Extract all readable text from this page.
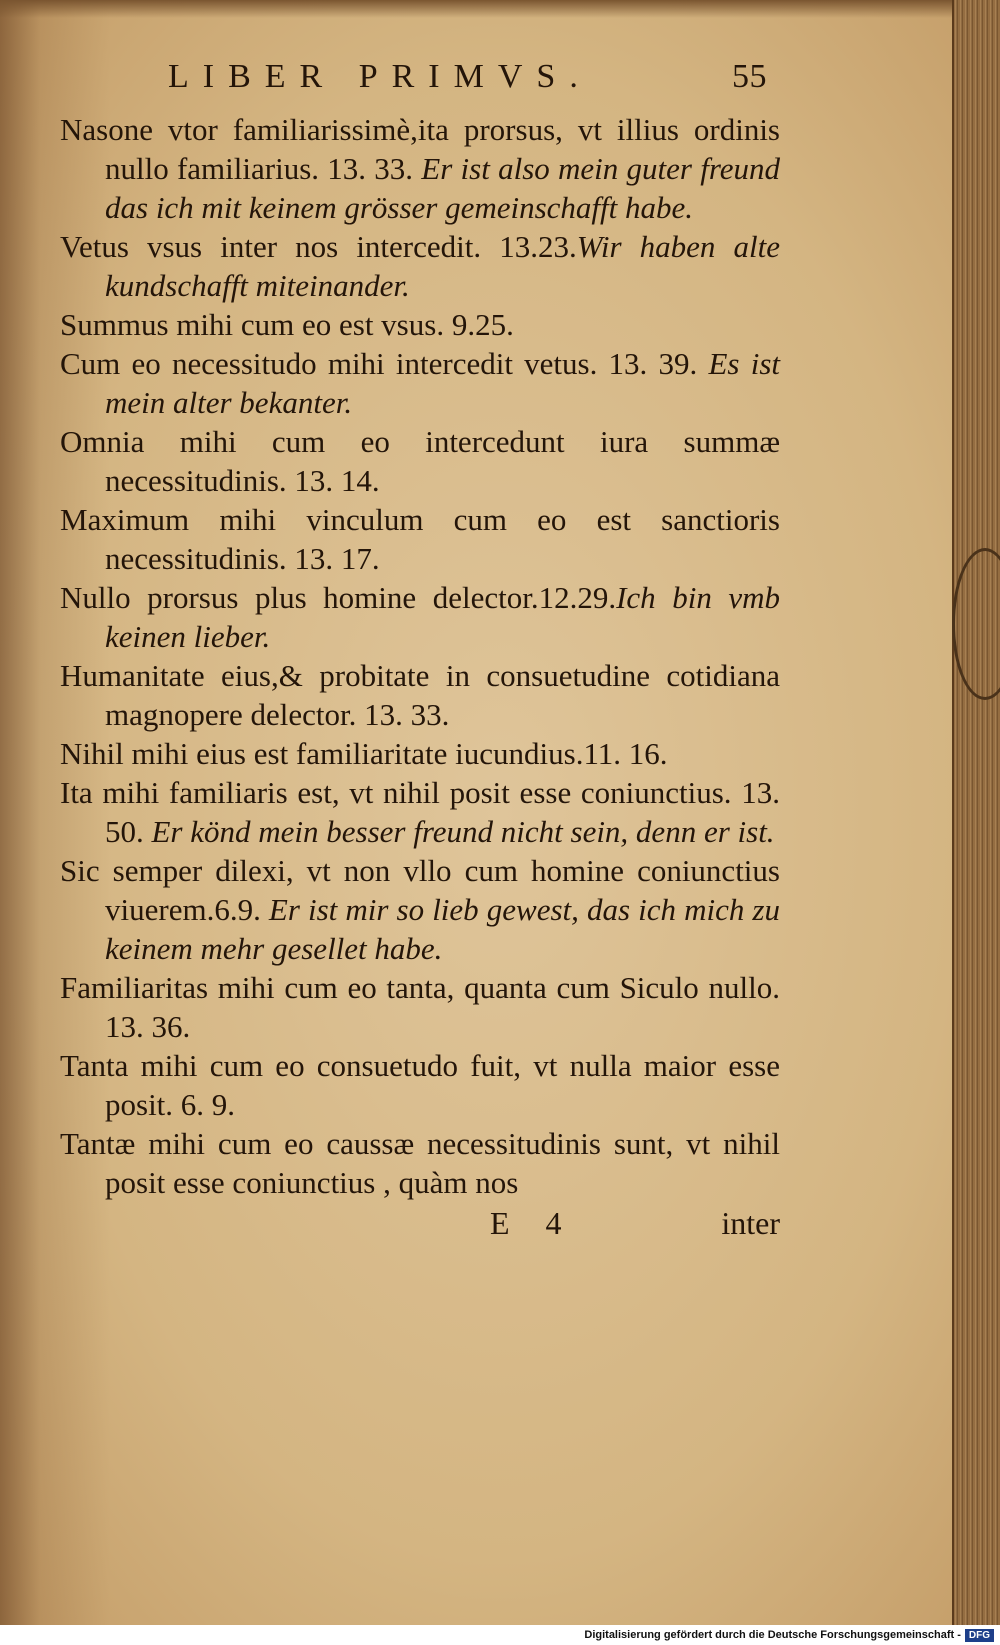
LIBER PRIMVS.	55

Nasone vtor familiarissimè,ita prorsus, vt illius ordinis nullo familiarius. 13. 33. Er ist also mein guter freund das ich mit keinem grösser gemeinschafft habe.

Vetus vsus inter nos intercedit. 13.23.Wir haben alte kundschafft miteinander.

Summus mihi cum eo est vsus. 9.25.

Cum eo necessitudo mihi intercedit vetus. 13. 39. Es ist mein alter bekanter.

Omnia mihi cum eo intercedunt iura summæ necessitudinis. 13. 14.

Maximum mihi vinculum cum eo est sanctioris necessitudinis. 13. 17.

Nullo prorsus plus homine delector.12.29.Ich bin vmb keinen lieber.

Humanitate eius,& probitate in consuetudine cotidiana magnopere delector. 13. 33.

Nihil mihi eius est familiaritate iucundius.11. 16.

Ita mihi familiaris est, vt nihil posit esse coniunctius. 13. 50. Er könd mein besser freund nicht sein, denn er ist.

Sic semper dilexi, vt non vllo cum homine coniunctius viuerem.6.9. Er ist mir so lieb gewest, das ich mich zu keinem mehr gesellet habe.

Familiaritas mihi cum eo tanta, quanta cum Siculo nullo. 13. 36.

Tanta mihi cum eo consuetudo fuit, vt nulla maior esse posit. 6. 9.

Tantæ mihi cum eo caussæ necessitudinis sunt, vt nihil posit esse coniunctius , quàm nos

E 4	inter
Digitalisierung gefördert durch die Deutsche Forschungsgemeinschaft - DFG
